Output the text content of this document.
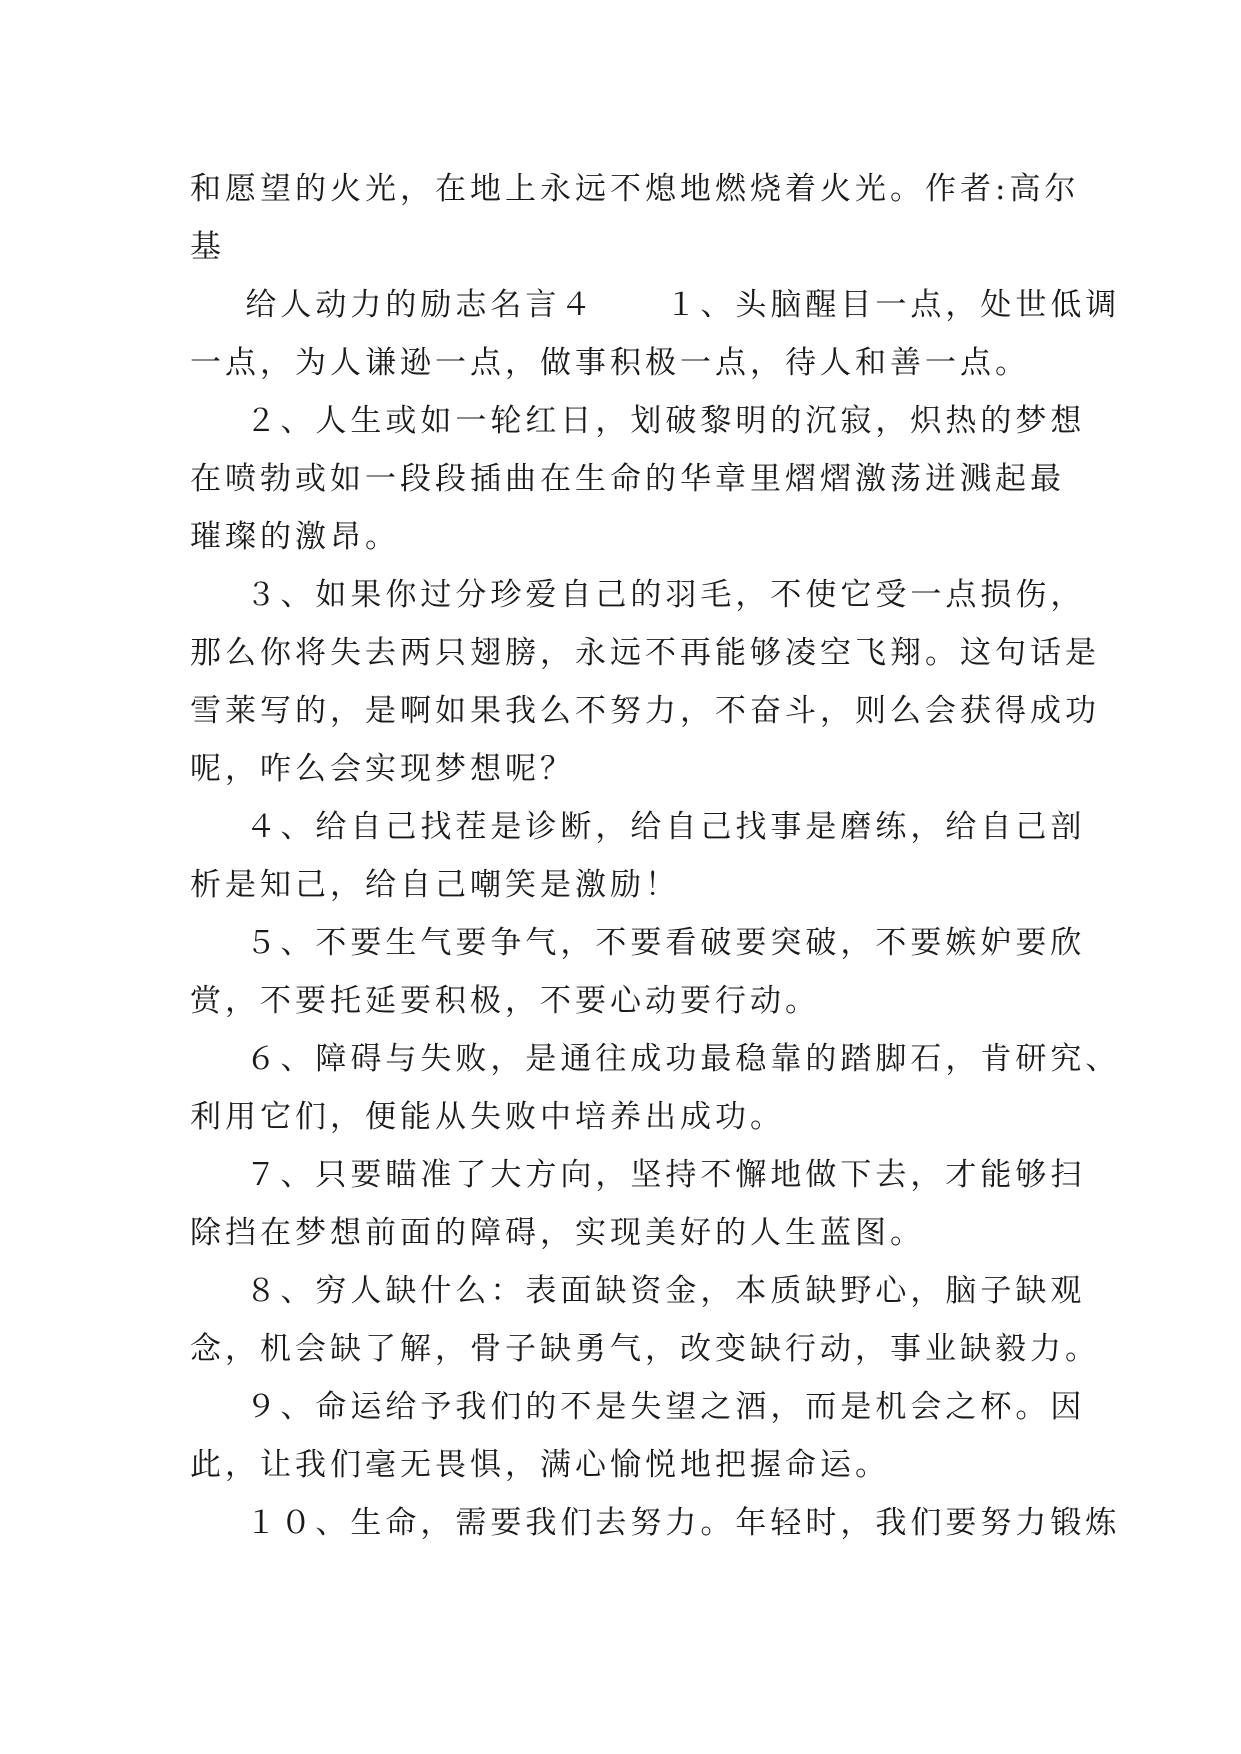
和愿望的火光，在地上永远不熄地燃烧着火光。作者:高尔
基
给人动力的励志名言４　　１、头脑醒目一点，处世低调
一点，为人谦逊一点，做事积极一点，待人和善一点。
２、人生或如一轮红日，划破黎明的沉寂，炽热的梦想
在喷勃或如一段段插曲在生命的华章里熠熠激荡迸溅起最
璀璨的激昂。
３、如果你过分珍爱自己的羽毛，不使它受一点损伤，
那么你将失去两只翅膀，永远不再能够凌空飞翔。这句话是
雪莱写的，是啊如果我么不努力，不奋斗，则么会获得成功
呢，咋么会实现梦想呢？
４、给自己找茬是诊断，给自己找事是磨练，给自己剖
析是知己，给自己嘲笑是激励！
５、不要生气要争气，不要看破要突破，不要嫉妒要欣
赏，不要托延要积极，不要心动要行动。
６、障碍与失败，是通往成功最稳靠的踏脚石，肯研究、
利用它们，便能从失败中培养出成功。
７、只要瞄准了大方向，坚持不懈地做下去，才能够扫
除挡在梦想前面的障碍，实现美好的人生蓝图。
８、穷人缺什么：表面缺资金，本质缺野心，脑子缺观
念，机会缺了解，骨子缺勇气，改变缺行动，事业缺毅力。
９、命运给予我们的不是失望之酒，而是机会之杯。因
此，让我们毫无畏惧，满心愉悦地把握命运。
１０、生命，需要我们去努力。年轻时，我们要努力锻炼
